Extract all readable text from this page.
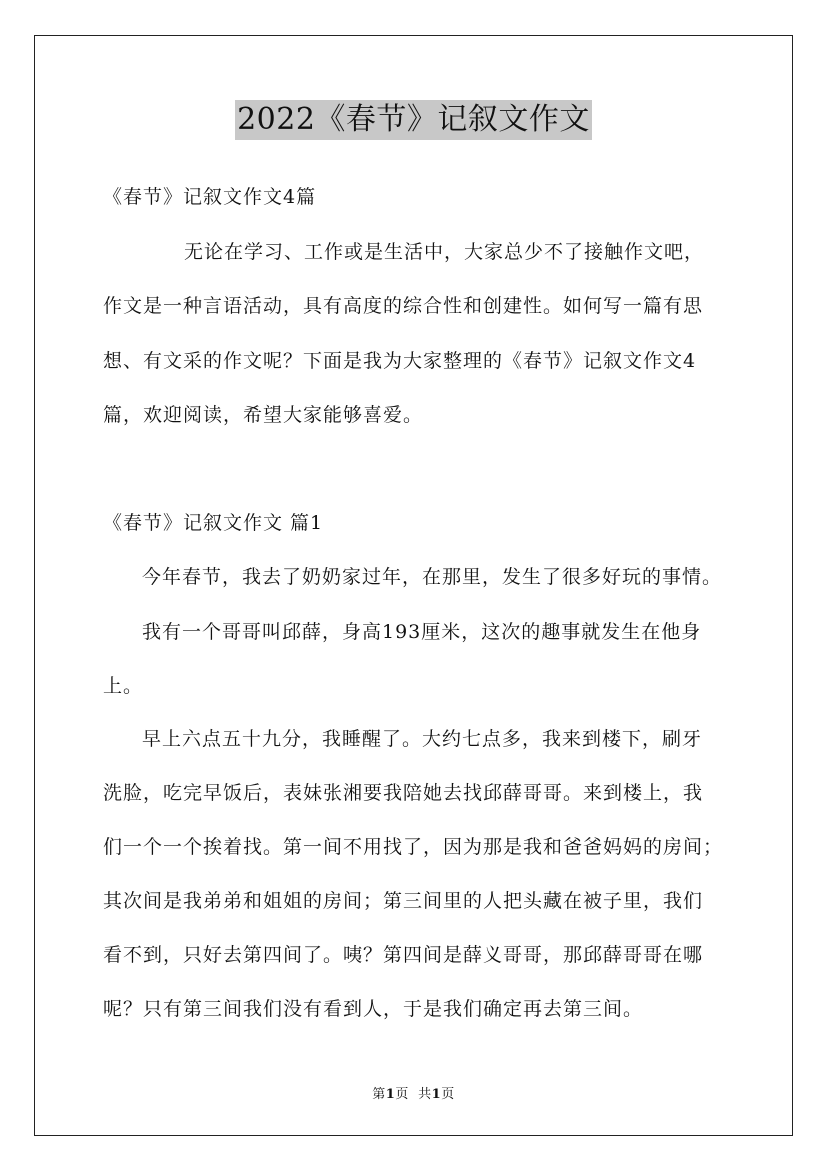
2022《春节》记叙文作文
《春节》记叙文作文4篇
无论在学习、工作或是生活中，大家总少不了接触作文吧，
作文是一种言语活动，具有高度的综合性和创建性。如何写一篇有思
想、有文采的作文呢？下面是我为大家整理的《春节》记叙文作文4
篇，欢迎阅读，希望大家能够喜爱。
《春节》记叙文作文 篇1
今年春节，我去了奶奶家过年，在那里，发生了很多好玩的事情。
我有一个哥哥叫邱薛，身高193厘米，这次的趣事就发生在他身
上。
早上六点五十九分，我睡醒了。大约七点多，我来到楼下，刷牙
洗脸，吃完早饭后，表妹张湘要我陪她去找邱薛哥哥。来到楼上，我
们一个一个挨着找。第一间不用找了，因为那是我和爸爸妈妈的房间；
其次间是我弟弟和姐姐的房间；第三间里的人把头藏在被子里，我们
看不到，只好去第四间了。咦？第四间是薛义哥哥，那邱薛哥哥在哪
呢？只有第三间我们没有看到人，于是我们确定再去第三间。
第1页 共1页
